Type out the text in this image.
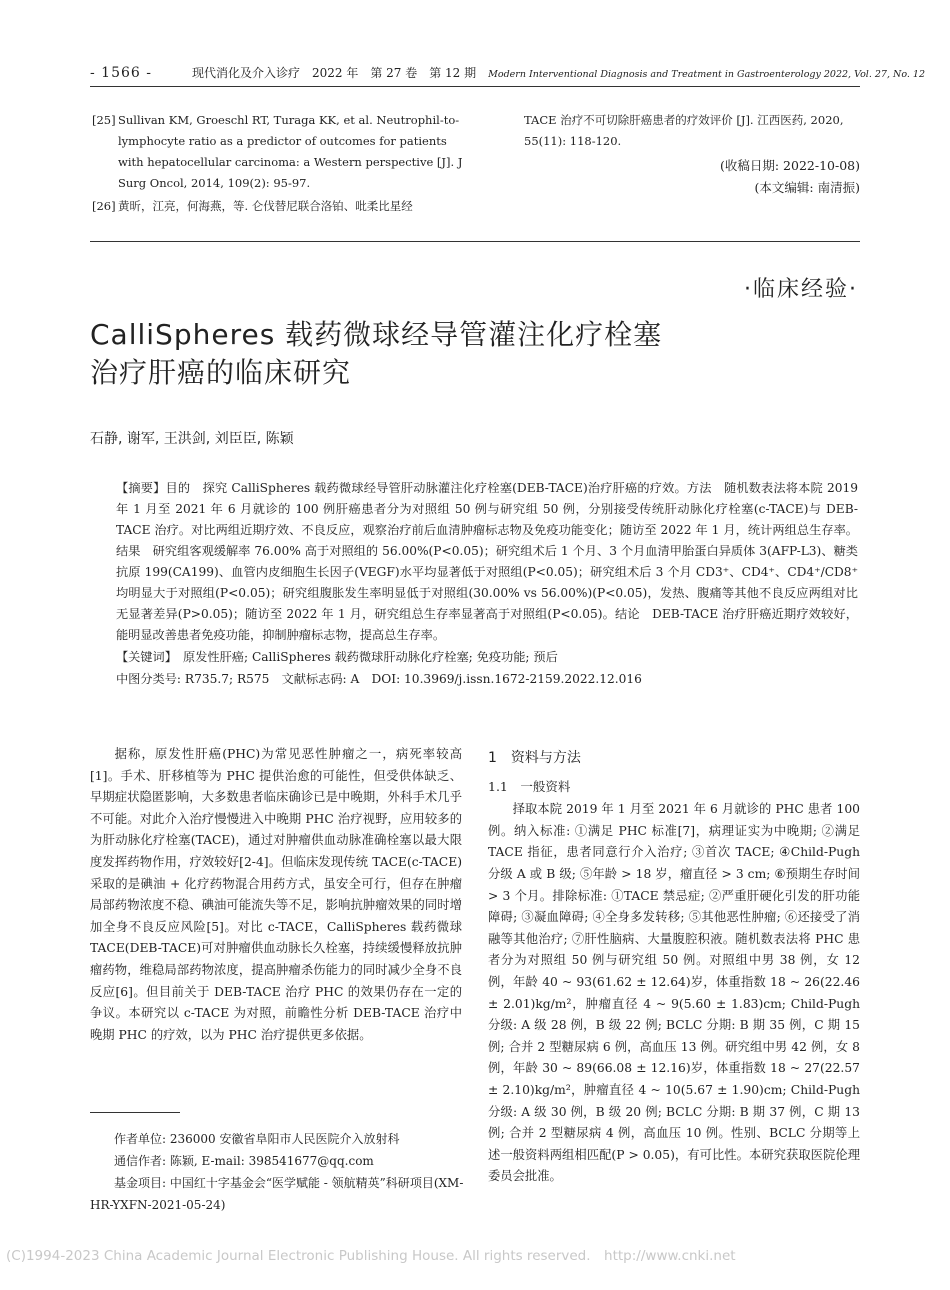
- 1566 -	现代消化及介入诊疗　2022 年　第 27 卷　第 12 期 Modern Interventional Diagnosis and Treatment in Gastroenterology 2022, Vol. 27, No. 12
[25] Sullivan KM, Groeschl RT, Turaga KK, et al. Neutrophil-to-lymphocyte ratio as a predictor of outcomes for patients with hepatocellular carcinoma: a Western perspective [J]. J Surg Oncol, 2014, 109(2): 95-97.
[26] 黄昕，江亮，何海燕，等. 仑伐替尼联合洛铂、吡柔比星经
TACE 治疗不可切除肝癌患者的疗效评价 [J]. 江西医药, 2020, 55(11): 118-120.
(收稿日期: 2022-10-08)
(本文编辑: 南清振)
·临床经验·
CalliSpheres 载药微球经导管灌注化疗栓塞
治疗肝癌的临床研究
石静, 谢军, 王洪剑, 刘臣臣, 陈颖

【摘要】目的　探究 CalliSpheres 载药微球经导管肝动脉灌注化疗栓塞(DEB-TACE)治疗肝癌的疗效。方法　随机数表法将本院 2019 年 1 月至 2021 年 6 月就诊的 100 例肝癌患者分为对照组 50 例与研究组 50 例，分别接受传统肝动脉化疗栓塞(c-TACE)与 DEB-TACE 治疗。对比两组近期疗效、不良反应，观察治疗前后血清肿瘤标志物及免疫功能变化；随访至 2022 年 1 月，统计两组总生存率。结果　研究组客观缓解率 76.00% 高于对照组的 56.00%(P<0.05)；研究组术后 1 个月、3 个月血清甲胎蛋白异质体 3(AFP-L3)、糖类抗原 199(CA199)、血管内皮细胞生长因子(VEGF)水平均显著低于对照组(P<0.05)；研究组术后 3 个月 CD3⁺、CD4⁺、CD4⁺/CD8⁺ 均明显大于对照组(P<0.05)；研究组腹胀发生率明显低于对照组(30.00% vs 56.00%)(P<0.05)，发热、腹痛等其他不良反应两组对比无显著差异(P>0.05)；随访至 2022 年 1 月，研究组总生存率显著高于对照组(P<0.05)。结论　DEB-TACE 治疗肝癌近期疗效较好，能明显改善患者免疫功能，抑制肿瘤标志物，提高总生存率。

【关键词】　原发性肝癌; CalliSpheres 载药微球肝动脉化疗栓塞; 免疫功能; 预后
中图分类号: R735.7; R575　文献标志码: A　DOI: 10.3969/j.issn.1672-2159.2022.12.016

据称，原发性肝癌(PHC)为常见恶性肿瘤之一，病死率较高[1]。手术、肝移植等为 PHC 提供治愈的可能性，但受供体缺乏、早期症状隐匿影响，大多数患者临床确诊已是中晚期，外科手术几乎不可能。对此介入治疗慢慢进入中晚期 PHC 治疗视野，应用较多的为肝动脉化疗栓塞(TACE)，通过对肿瘤供血动脉准确栓塞以最大限度发挥药物作用，疗效较好[2-4]。但临床发现传统 TACE(c-TACE)采取的是碘油 + 化疗药物混合用药方式，虽安全可行，但存在肿瘤局部药物浓度不稳、碘油可能流失等不足，影响抗肿瘤效果的同时增加全身不良反应风险[5]。对比 c-TACE，CalliSpheres 载药微球 TACE(DEB-TACE)可对肿瘤供血动脉长久栓塞，持续缓慢释放抗肿瘤药物，维稳局部药物浓度，提高肿瘤杀伤能力的同时减少全身不良反应[6]。但目前关于 DEB-TACE 治疗 PHC 的效果仍存在一定的争议。本研究以 c-TACE 为对照，前瞻性分析 DEB-TACE 治疗中晚期 PHC 的疗效，以为 PHC 治疗提供更多依据。

作者单位: 236000 安徽省阜阳市人民医院介入放射科

通信作者: 陈颖, E-mail: 398541677@qq.com

基金项目: 中国红十字基金会“医学赋能 - 领航精英”科研项目(XM-HR-YXFN-2021-05-24)

1　资料与方法
1.1　一般资料

择取本院 2019 年 1 月至 2021 年 6 月就诊的 PHC 患者 100 例。纳入标准: ①满足 PHC 标准[7]，病理证实为中晚期; ②满足 TACE 指征，患者同意行介入治疗; ③首次 TACE; ④Child-Pugh 分级 A 或 B 级; ⑤年龄 > 18 岁，瘤直径 > 3 cm; ⑥预期生存时间 > 3 个月。排除标准: ①TACE 禁忌症; ②严重肝硬化引发的肝功能障碍; ③凝血障碍; ④全身多发转移; ⑤其他恶性肿瘤; ⑥还接受了消融等其他治疗; ⑦肝性脑病、大量腹腔积液。随机数表法将 PHC 患者分为对照组 50 例与研究组 50 例。对照组中男 38 例，女 12 例，年龄 40 ~ 93(61.62 ± 12.64)岁，体重指数 18 ~ 26(22.46 ± 2.01)kg/m²，肿瘤直径 4 ~ 9(5.60 ± 1.83)cm; Child-Pugh 分级: A 级 28 例，B 级 22 例; BCLC 分期: B 期 35 例，C 期 15 例; 合并 2 型糖尿病 6 例，高血压 13 例。研究组中男 42 例，女 8 例，年龄 30 ~ 89(66.08 ± 12.16)岁，体重指数 18 ~ 27(22.57 ± 2.10)kg/m²，肿瘤直径 4 ~ 10(5.67 ± 1.90)cm; Child-Pugh 分级: A 级 30 例，B 级 20 例; BCLC 分期: B 期 37 例，C 期 13 例; 合并 2 型糖尿病 4 例，高血压 10 例。性别、BCLC 分期等上述一般资料两组相匹配(P > 0.05)，有可比性。本研究获取医院伦理委员会批准。

(C)1994-2023 China Academic Journal Electronic Publishing House. All rights reserved.　http://www.cnki.net
